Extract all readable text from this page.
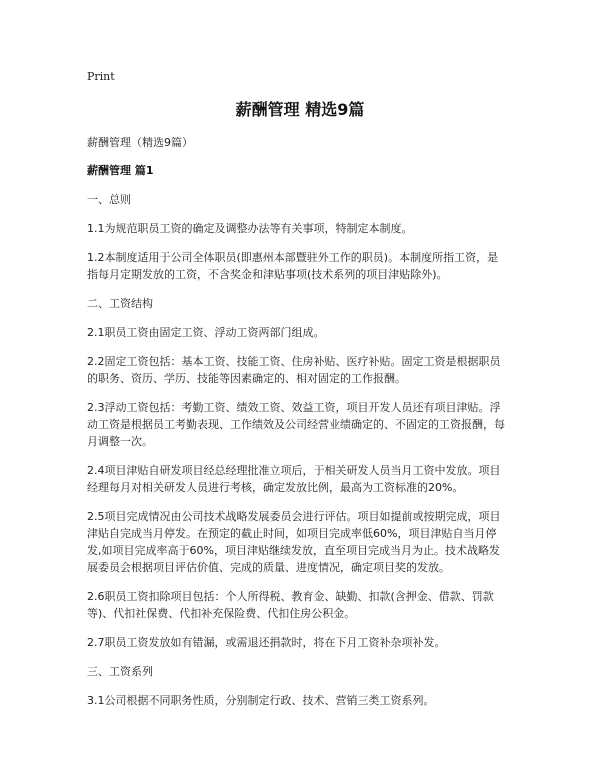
Print
薪酬管理 精选9篇

薪酬管理（精选9篇）

薪酬管理 篇1

一、总则

1.1为规范职员工资的确定及调整办法等有关事项，特制定本制度。

1.2本制度适用于公司全体职员(即惠州本部暨驻外工作的职员)。本制度所指工资，是指每月定期发放的工资，不含奖金和津贴事项(技术系列的项目津贴除外)。

二、工资结构

2.1职员工资由固定工资、浮动工资两部门组成。

2.2固定工资包括：基本工资、技能工资、住房补贴、医疗补贴。固定工资是根据职员的职务、资历、学历、技能等因素确定的、相对固定的工作报酬。

2.3浮动工资包括：考勤工资、绩效工资、效益工资，项目开发人员还有项目津贴。浮动工资是根据员工考勤表现、工作绩效及公司经营业绩确定的、不固定的工资报酬，每月调整一次。

2.4项目津贴自研发项目经总经理批准立项后，于相关研发人员当月工资中发放。项目经理每月对相关研发人员进行考核，确定发放比例，最高为工资标准的20%。

2.5项目完成情况由公司技术战略发展委员会进行评估。项目如提前或按期完成，项目津贴自完成当月停发。在预定的截止时间，如项目完成率低60%，项目津贴自当月停发,如项目完成率高于60%，项目津贴继续发放，直至项目完成当月为止。技术战略发展委员会根据项目评估价值、完成的质量、进度情况，确定项目奖的发放。

2.6职员工资扣除项目包括：个人所得税、教育金、缺勤、扣款(含押金、借款、罚款等)、代扣社保费、代扣补充保险费、代扣住房公积金。

2.7职员工资发放如有错漏，或需退还捐款时，将在下月工资补杂项补发。

三、工资系列

3.1公司根据不同职务性质，分别制定行政、技术、营销三类工资系列。
